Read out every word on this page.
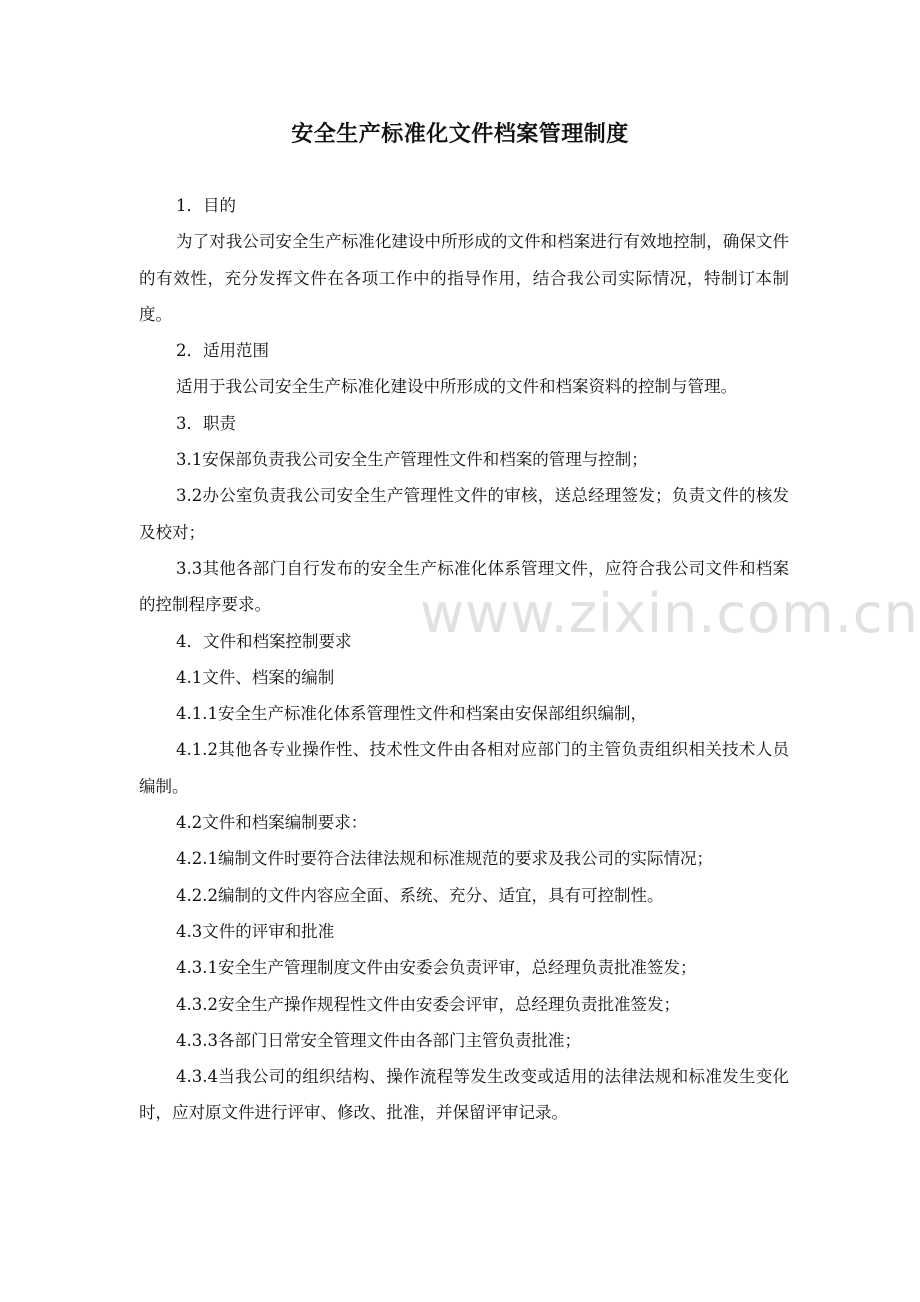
安全生产标准化文件档案管理制度

1．目的

为了对我公司安全生产标准化建设中所形成的文件和档案进行有效地控制，确保文件的有效性，充分发挥文件在各项工作中的指导作用，结合我公司实际情况，特制订本制度。

2．适用范围

适用于我公司安全生产标准化建设中所形成的文件和档案资料的控制与管理。

3．职责

3.1安保部负责我公司安全生产管理性文件和档案的管理与控制；

3.2办公室负责我公司安全生产管理性文件的审核，送总经理签发；负责文件的核发及校对；

3.3其他各部门自行发布的安全生产标准化体系管理文件，应符合我公司文件和档案的控制程序要求。

4．文件和档案控制要求

4.1文件、档案的编制

4.1.1安全生产标准化体系管理性文件和档案由安保部组织编制，

4.1.2其他各专业操作性、技术性文件由各相对应部门的主管负责组织相关技术人员编制。

4.2文件和档案编制要求：

4.2.1编制文件时要符合法律法规和标准规范的要求及我公司的实际情况；

4.2.2编制的文件内容应全面、系统、充分、适宜，具有可控制性。

4.3文件的评审和批准

4.3.1安全生产管理制度文件由安委会负责评审，总经理负责批准签发；

4.3.2安全生产操作规程性文件由安委会评审，总经理负责批准签发；

4.3.3各部门日常安全管理文件由各部门主管负责批准；

4.3.4当我公司的组织结构、操作流程等发生改变或适用的法律法规和标准发生变化时，应对原文件进行评审、修改、批准，并保留评审记录。

www.zixin.com.cn
